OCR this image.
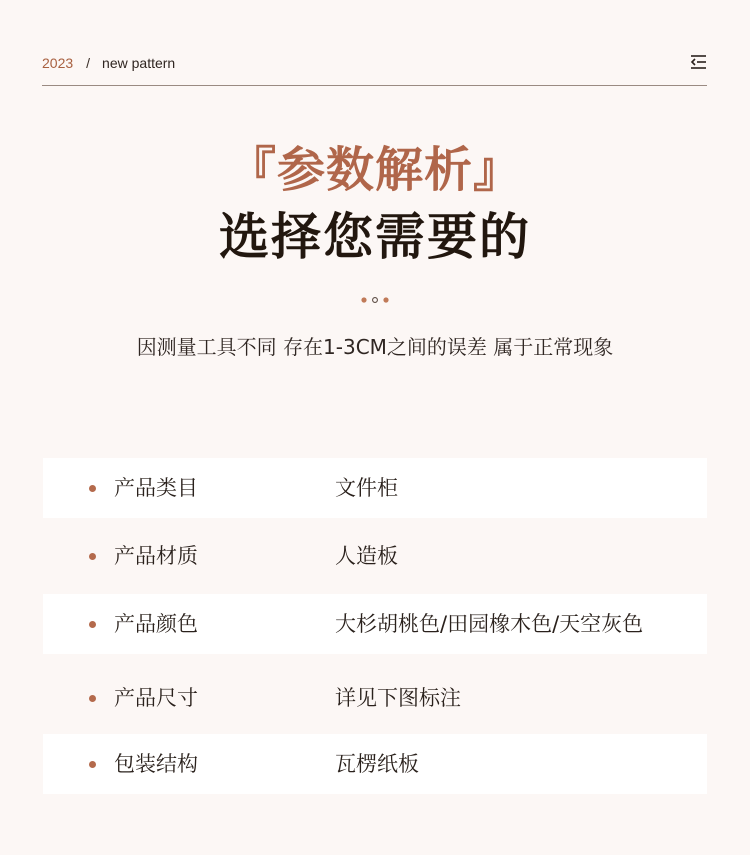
2023 / new pattern
『参数解析』
选择您需要的
因测量工具不同 存在1-3CM之间的误差 属于正常现象
产品类目	文件柜
产品材质	人造板
产品颜色	大杉胡桃色/田园橡木色/天空灰色
产品尺寸	详见下图标注
包装结构	瓦楞纸板
